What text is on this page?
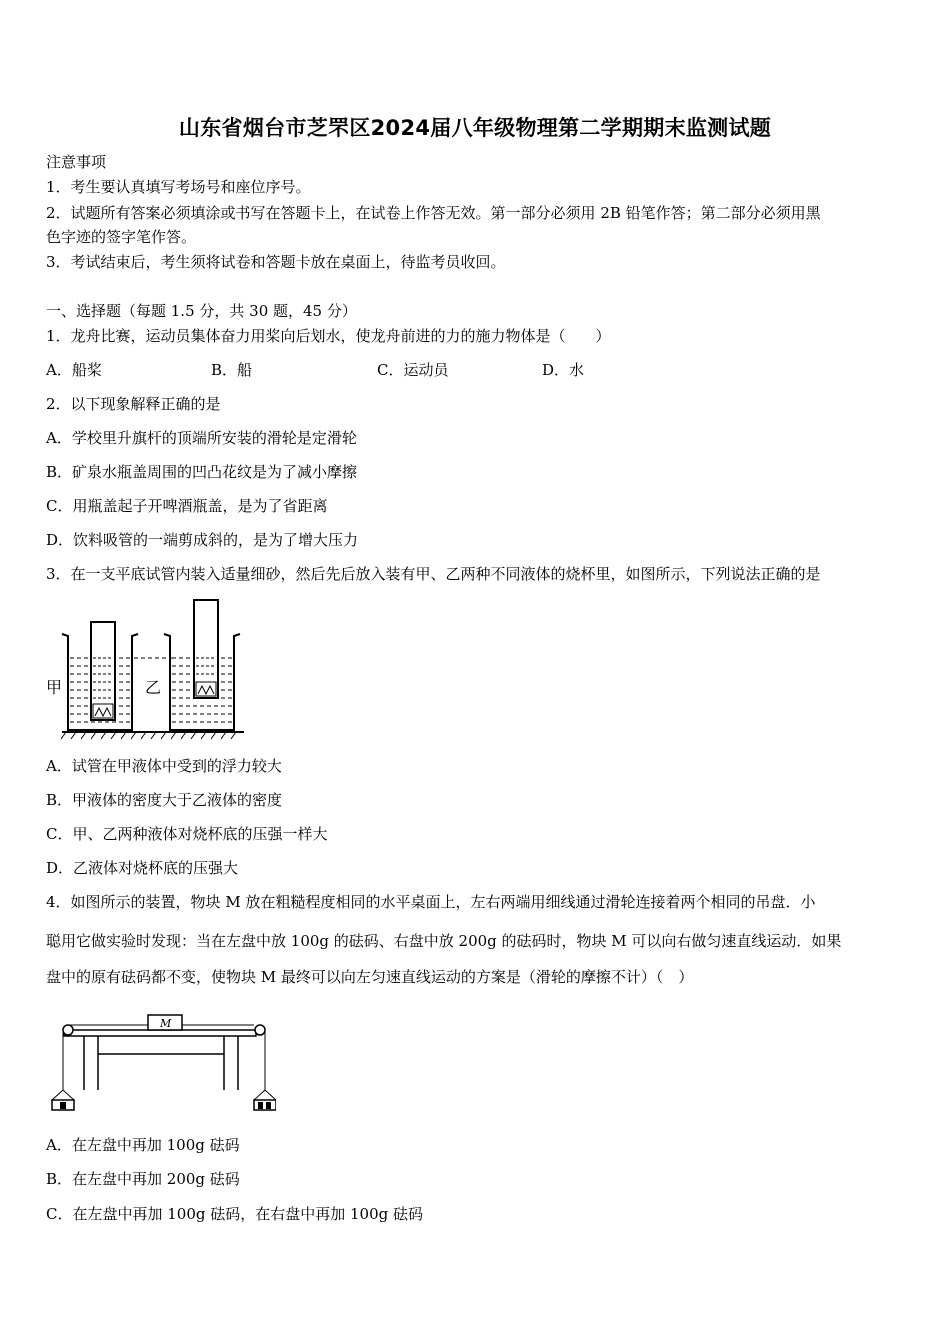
山东省烟台市芝罘区2024届八年级物理第二学期期末监测试题
注意事项
1．考生要认真填写考场号和座位序号。
2．试题所有答案必须填涂或书写在答题卡上，在试卷上作答无效。第一部分必须用 2B 铅笔作答；第二部分必须用黑
色字迹的签字笔作答。
3．考试结束后，考生须将试卷和答题卡放在桌面上，待监考员收回。
一、选择题（每题 1.5 分，共 30 题，45 分）
1．龙舟比赛，运动员集体奋力用桨向后划水，使龙舟前进的力的施力物体是（　　）
A．船桨	B．船	C．运动员	D．水
2．以下现象解释正确的是
A．学校里升旗杆的顶端所安装的滑轮是定滑轮
B．矿泉水瓶盖周围的凹凸花纹是为了减小摩擦
C．用瓶盖起子开啤酒瓶盖，是为了省距离
D．饮料吸管的一端剪成斜的，是为了增大压力
3．在一支平底试管内装入适量细砂，然后先后放入装有甲、乙两种不同液体的烧杯里，如图所示，下列说法正确的是
甲	乙
A．试管在甲液体中受到的浮力较大
B．甲液体的密度大于乙液体的密度
C．甲、乙两种液体对烧杯底的压强一样大
D．乙液体对烧杯底的压强大
4．如图所示的装置，物块 M 放在粗糙程度相同的水平桌面上，左右两端用细线通过滑轮连接着两个相同的吊盘．小
聪用它做实验时发现：当在左盘中放 100g 的砝码、右盘中放 200g 的砝码时，物块 M 可以向右做匀速直线运动．如果
盘中的原有砝码都不变，使物块 M 最终可以向左匀速直线运动的方案是（滑轮的摩擦不计）（　）
M
A．在左盘中再加 100g 砝码
B．在左盘中再加 200g 砝码
C．在左盘中再加 100g 砝码，在右盘中再加 100g 砝码
